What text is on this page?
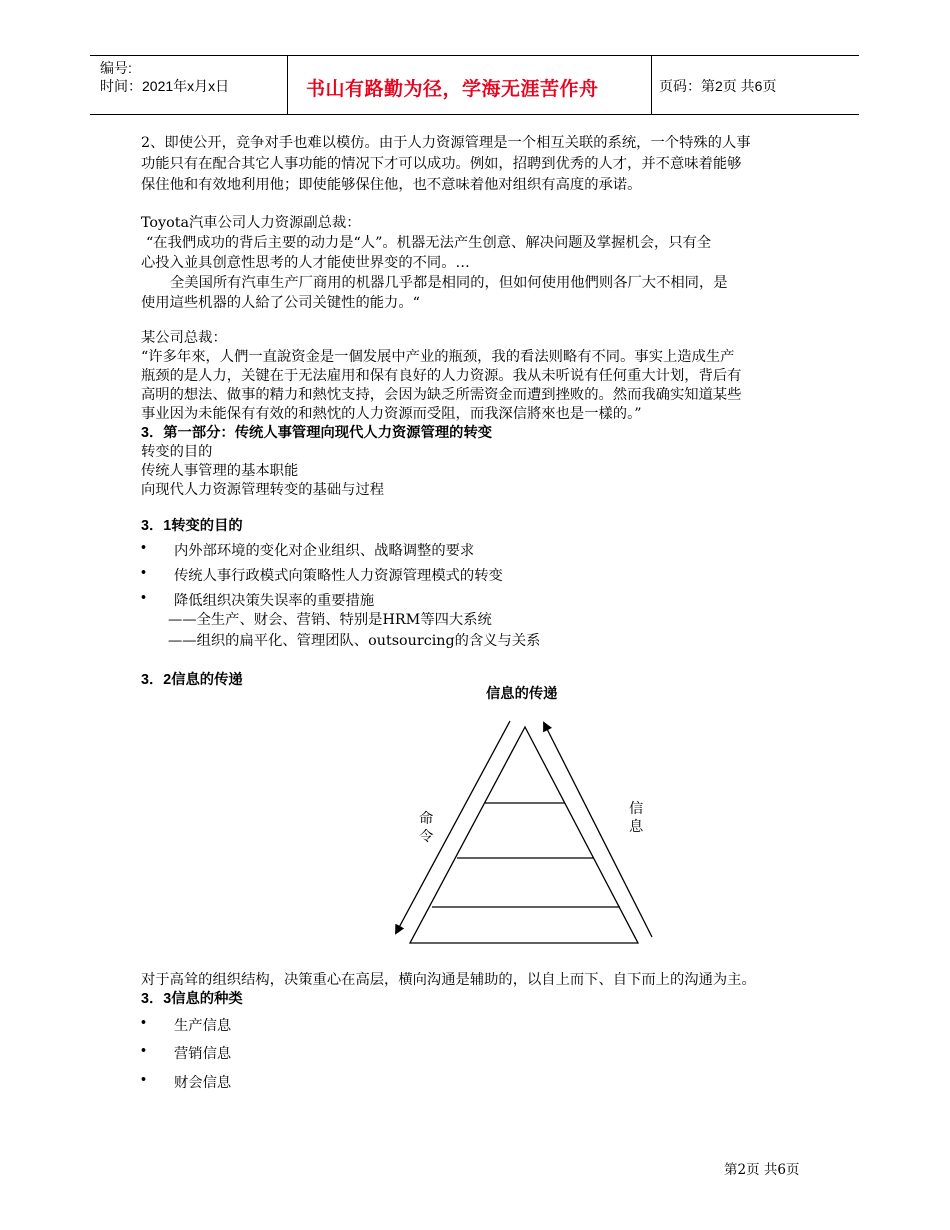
编号:
时间：2021年x月x日	书山有路勤为径，学海无涯苦作舟	页码：第2页 共6页
2、即使公开，竞争对手也难以模仿。由于人力资源管理是一个相互关联的系统，一个特殊的人事
功能只有在配合其它人事功能的情况下才可以成功。例如，招聘到优秀的人才，并不意味着能够
保住他和有效地利用他；即使能够保住他，也不意味着他对组织有高度的承诺。
Toyota汽車公司人力资源副总裁：
“在我們成功的背后主要的动力是“人”。机器无法产生创意、解决问题及掌握机会，只有全
心投入並具创意性思考的人才能使世界变的不同。…
全美国所有汽車生产厂商用的机器几乎都是相同的，但如何使用他們则各厂大不相同，是
使用這些机器的人給了公司关键性的能力。“
某公司总裁：
“许多年來，人們一直說资金是一個发展中产业的瓶颈，我的看法则略有不同。事实上造成生产
瓶颈的是人力，关键在于无法雇用和保有良好的人力资源。我从未听说有任何重大计划，背后有
高明的想法、做事的精力和熱忱支持，会因为缺乏所需资金而遭到挫败的。然而我确实知道某些
事业因为未能保有有效的和熱忱的人力资源而受阻，而我深信將來也是一樣的。”
3．第一部分：传统人事管理向现代人力资源管理的转变
转变的目的
传统人事管理的基本职能
向现代人力资源管理转变的基础与过程
3．1转变的目的
• 内外部环境的变化对企业组织、战略调整的要求
• 传统人事行政模式向策略性人力资源管理模式的转变
• 降低组织决策失误率的重要措施
——全生产、财会、营销、特别是HRM等四大系统
——组织的扁平化、管理团队、outsourcing的含义与关系
3．2信息的传递
信息的传递
命
令
信
息
对于高耸的组织结构，决策重心在高层，横向沟通是辅助的，以自上而下、自下而上的沟通为主。
3．3信息的种类
• 生产信息
• 营销信息
• 财会信息
第2页 共6页
